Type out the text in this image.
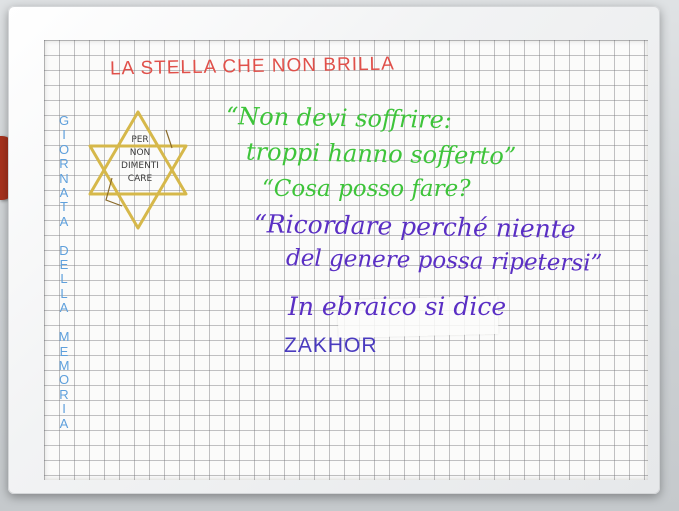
LA STELLA CHE NON BRILLA
G
I
O
R
N
A
T
A

D
E
L
L
A

M
E
M
O
R
I
A
PER
NON
DIMENTI
CARE
“Non devi soffrire:
troppi hanno sofferto”
“Cosa posso fare?
“Ricordare perché niente
del genere possa ripetersi”
In ebraico si dice
ZAKHOR
